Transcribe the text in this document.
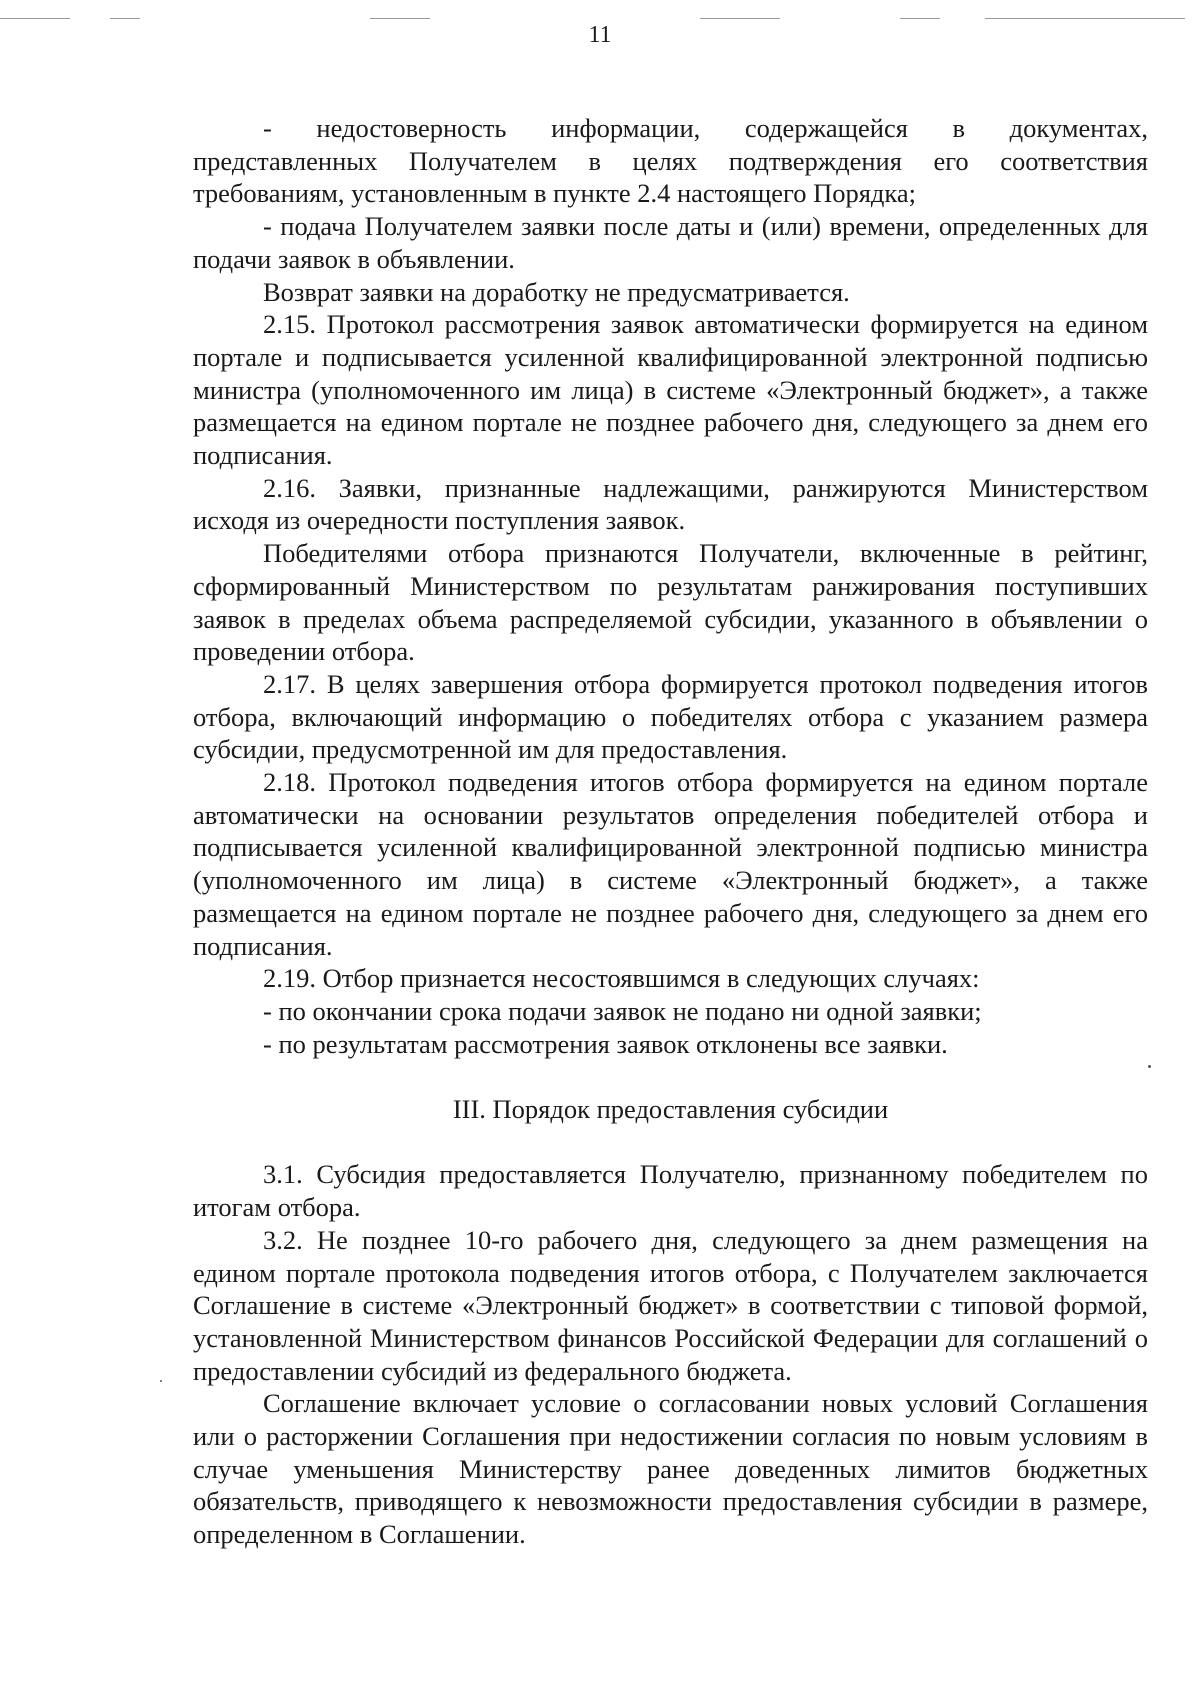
11

- недостоверность информации, содержащейся в документах, представленных Получателем в целях подтверждения его соответствия требованиям, установленным в пункте 2.4 настоящего Порядка;

- подача Получателем заявки после даты и (или) времени, определенных для подачи заявок в объявлении.

Возврат заявки на доработку не предусматривается.

2.15. Протокол рассмотрения заявок автоматически формируется на едином портале и подписывается усиленной квалифицированной электронной подписью министра (уполномоченного им лица) в системе «Электронный бюджет», а также размещается на едином портале не позднее рабочего дня, следующего за днем его подписания.

2.16. Заявки, признанные надлежащими, ранжируются Министерством исходя из очередности поступления заявок.

Победителями отбора признаются Получатели, включенные в рейтинг, сформированный Министерством по результатам ранжирования поступивших заявок в пределах объема распределяемой субсидии, указанного в объявлении о проведении отбора.

2.17. В целях завершения отбора формируется протокол подведения итогов отбора, включающий информацию о победителях отбора с указанием размера субсидии, предусмотренной им для предоставления.

2.18. Протокол подведения итогов отбора формируется на едином портале автоматически на основании результатов определения победителей отбора и подписывается усиленной квалифицированной электронной подписью министра (уполномоченного им лица) в системе «Электронный бюджет», а также размещается на едином портале не позднее рабочего дня, следующего за днем его подписания.

2.19. Отбор признается несостоявшимся в следующих случаях:

- по окончании срока подачи заявок не подано ни одной заявки;

- по результатам рассмотрения заявок отклонены все заявки.

III. Порядок предоставления субсидии

3.1. Субсидия предоставляется Получателю, признанному победителем по итогам отбора.

3.2. Не позднее 10-го рабочего дня, следующего за днем размещения на едином портале протокола подведения итогов отбора, с Получателем заключается Соглашение в системе «Электронный бюджет» в соответствии с типовой формой, установленной Министерством финансов Российской Федерации для соглашений о предоставлении субсидий из федерального бюджета.

Соглашение включает условие о согласовании новых условий Соглашения или о расторжении Соглашения при недостижении согласия по новым условиям в случае уменьшения Министерству ранее доведенных лимитов бюджетных обязательств, приводящего к невозможности предоставления субсидии в размере, определенном в Соглашении.
